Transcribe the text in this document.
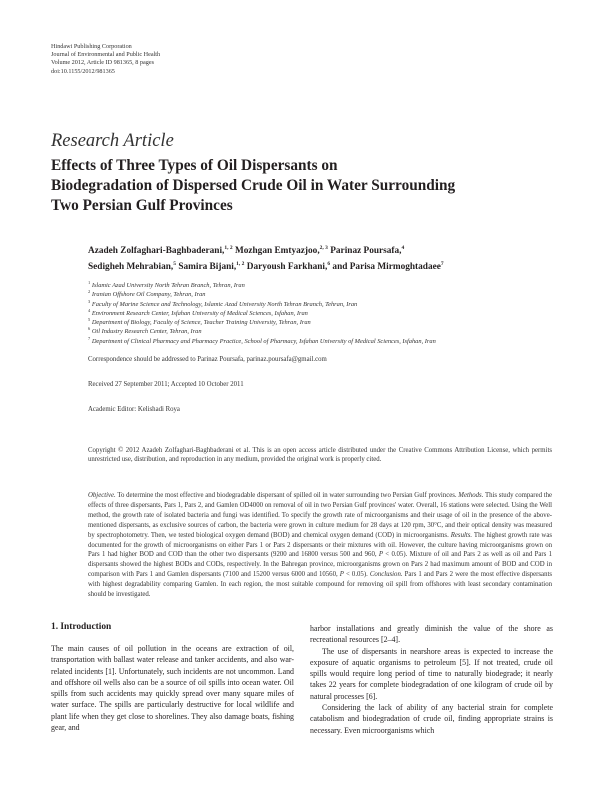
Hindawi Publishing Corporation
Journal of Environmental and Public Health
Volume 2012, Article ID 981365, 8 pages
doi:10.1155/2012/981365
Research Article
Effects of Three Types of Oil Dispersants on
Biodegradation of Dispersed Crude Oil in Water Surrounding
Two Persian Gulf Provinces
Azadeh Zolfaghari-Baghbaderani,$^{1, 2}$ Mozhgan Emtyazjoo,$^{2, 3}$ Parinaz Poursafa,$^4$
Sedigheh Mehrabian,$^5$ Samira Bijani,$^{1, 2}$ Daryoush Farkhani,$^6$ and Parisa Mirmoghtadaee$^7$
$^1$ Islamic Azad University North Tehran Branch, Tehran, Iran
$^2$ Iranian Offshore Oil Company, Tehran, Iran
$^3$ Faculty of Marine Science and Technology, Islamic Azad University North Tehran Branch, Tehran, Iran
$^4$ Environment Research Center, Isfahan University of Medical Sciences, Isfahan, Iran
$^5$ Department of Biology, Faculty of Science, Teacher Training University, Tehran, Iran
$^6$ Oil Industry Research Center, Tehran, Iran
$^7$ Department of Clinical Pharmacy and Pharmacy Practice, School of Pharmacy, Isfahan University of Medical Sciences, Isfahan, Iran
Correspondence should be addressed to Parinaz Poursafa, parinaz.poursafa@gmail.com
Received 27 September 2011; Accepted 10 October 2011
Academic Editor: Kelishadi Roya
Copyright © 2012 Azadeh Zolfaghari-Baghbaderani et al. This is an open access article distributed under the Creative Commons Attribution License, which permits unrestricted use, distribution, and reproduction in any medium, provided the original work is properly cited.
Objective. To determine the most effective and biodegradable dispersant of spilled oil in water surrounding two Persian Gulf provinces. Methods. This study compared the effects of three dispersants, Pars 1, Pars 2, and Gamlen OD4000 on removal of oil in two Persian Gulf provinces' water. Overall, 16 stations were selected. Using the Well method, the growth rate of isolated bacteria and fungi was identified. To specify the growth rate of microorganisms and their usage of oil in the presence of the above-mentioned dispersants, as exclusive sources of carbon, the bacteria were grown in culture medium for 28 days at 120 rpm, 30°C, and their optical density was measured by spectrophotometry. Then, we tested biological oxygen demand (BOD) and chemical oxygen demand (COD) in microorganisms. Results. The highest growth rate was documented for the growth of microorganisms on either Pars 1 or Pars 2 dispersants or their mixtures with oil. However, the culture having microorganisms grown on Pars 1 had higher BOD and COD than the other two dispersants (9200 and 16800 versus 500 and 960, P < 0.05). Mixture of oil and Pars 2 as well as oil and Pars 1 dispersants showed the highest BODs and CODs, respectively. In the Bahregan province, microorganisms grown on Pars 2 had maximum amount of BOD and COD in comparison with Pars 1 and Gamlen dispersants (7100 and 15200 versus 6000 and 10560, P < 0.05). Conclusion. Pars 1 and Pars 2 were the most effective dispersants with highest degradability comparing Gamlen. In each region, the most suitable compound for removing oil spill from offshores with least secondary contamination should be investigated.
1. Introduction

The main causes of oil pollution in the oceans are extraction of oil, transportation with ballast water release and tanker accidents, and also war-related incidents [1]. Unfortunately, such incidents are not uncommon. Land and offshore oil wells also can be a source of oil spills into ocean water. Oil spills from such accidents may quickly spread over many square miles of water surface. The spills are particularly destructive for local wildlife and plant life when they get close to shorelines. They also damage boats, fishing gear, and

harbor installations and greatly diminish the value of the shore as recreational resources [2–4].

The use of dispersants in nearshore areas is expected to increase the exposure of aquatic organisms to petroleum [5]. If not treated, crude oil spills would require long period of time to naturally biodegrade; it nearly takes 22 years for complete biodegradation of one kilogram of crude oil by natural processes [6].

Considering the lack of ability of any bacterial strain for complete catabolism and biodegradation of crude oil, finding appropriate strains is necessary. Even microorganisms which
